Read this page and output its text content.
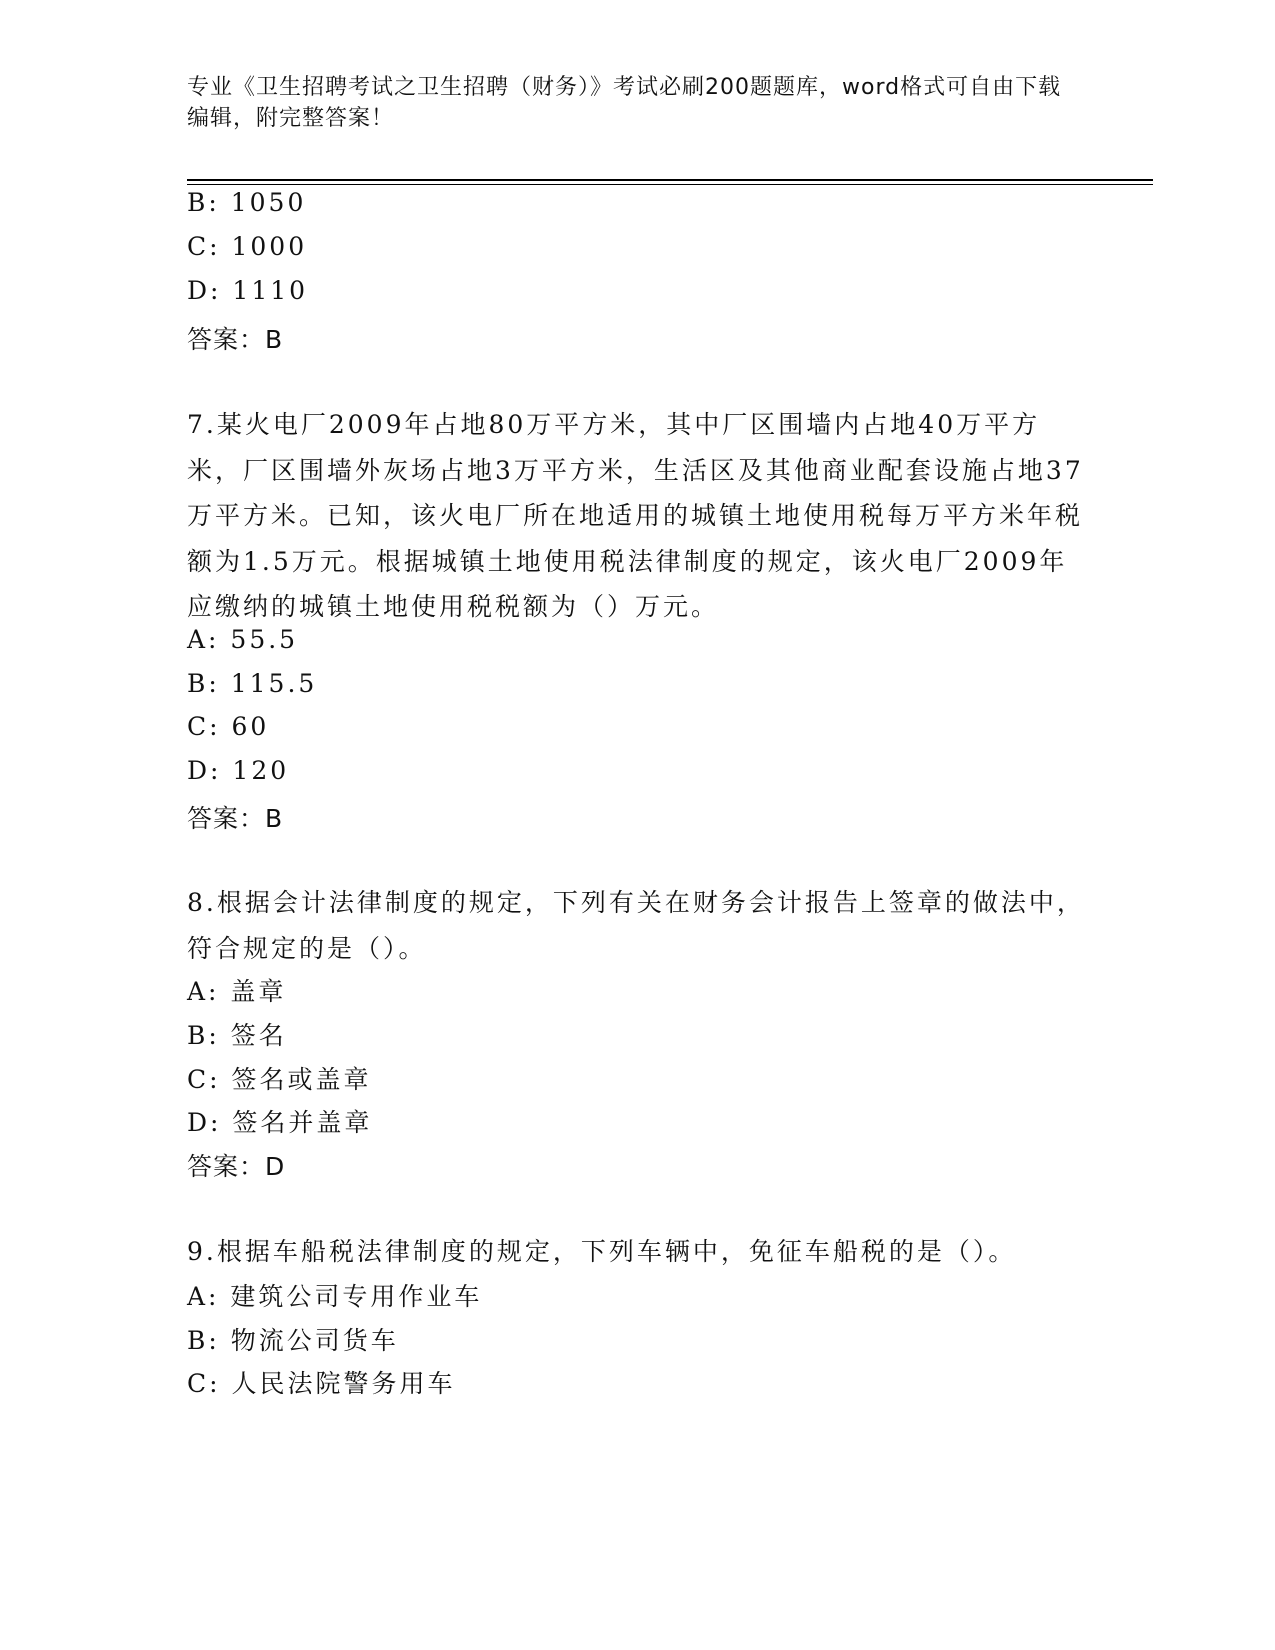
专业《卫生招聘考试之卫生招聘（财务）》考试必刷200题题库，word格式可自由下载编辑，附完整答案！
B: 1050
C: 1000
D: 1110
答案：B
7.某火电厂2009年占地80万平方米，其中厂区围墙内占地40万平方米，厂区围墙外灰场占地3万平方米，生活区及其他商业配套设施占地37万平方米。已知，该火电厂所在地适用的城镇土地使用税每万平方米年税额为1.5万元。根据城镇土地使用税法律制度的规定，该火电厂2009年应缴纳的城镇土地使用税税额为（）万元。
A: 55.5
B: 115.5
C: 60
D: 120
答案：B
8.根据会计法律制度的规定，下列有关在财务会计报告上签章的做法中，符合规定的是（）。
A: 盖章
B: 签名
C: 签名或盖章
D: 签名并盖章
答案：D
9.根据车船税法律制度的规定，下列车辆中，免征车船税的是（）。
A: 建筑公司专用作业车
B: 物流公司货车
C: 人民法院警务用车
